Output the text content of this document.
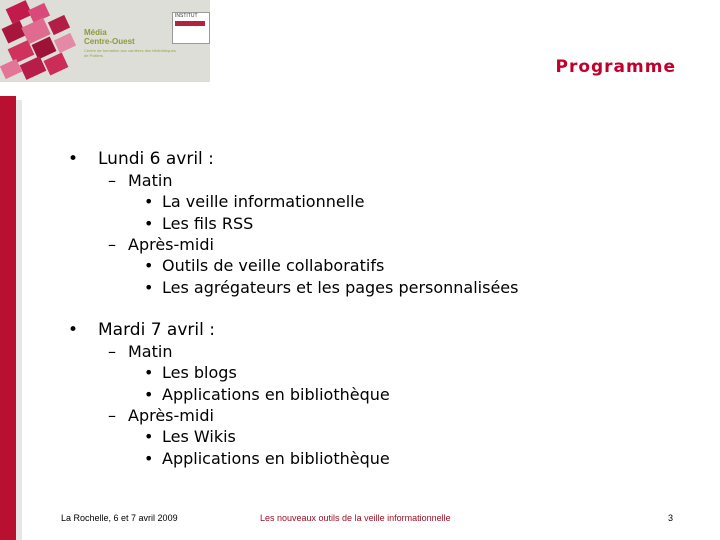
Média
Centre-Ouest
Centre de formation aux carrières des bibliothèques de Poitiers
INSTITUT
Programme
• Lundi 6 avril :
– Matin
• La veille informationnelle
• Les fils RSS
– Après-midi
• Outils de veille collaboratifs
• Les agrégateurs et les pages personnalisées
• Mardi 7 avril :
– Matin
• Les blogs
• Applications en bibliothèque
– Après-midi
• Les Wikis
• Applications en bibliothèque
La Rochelle, 6 et 7 avril 2009	Les nouveaux outils de la veille informationnelle	3
